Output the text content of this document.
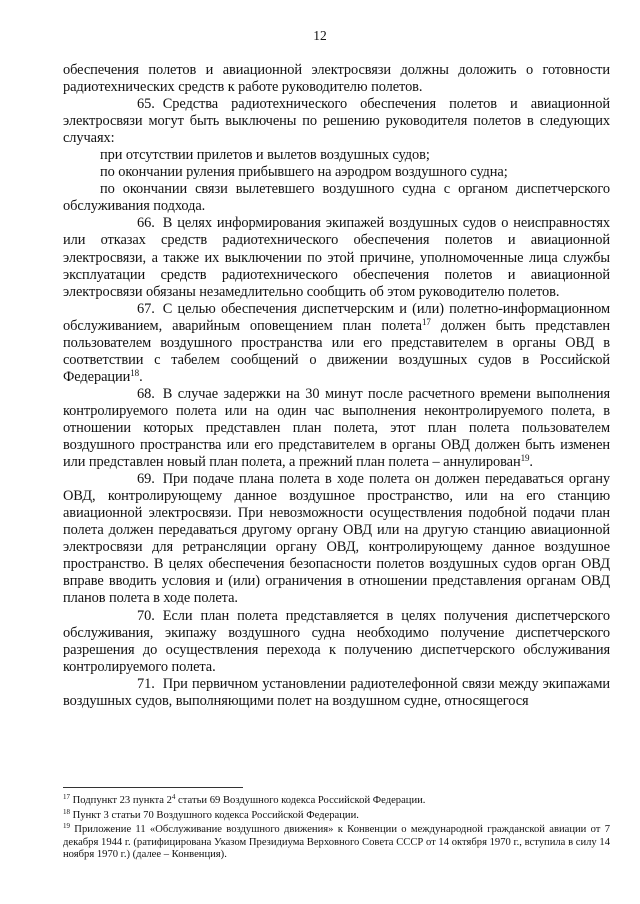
12

обеспечения полетов и авиационной электросвязи должны доложить о готовности радиотехнических средств к работе руководителю полетов.

65. Средства радиотехнического обеспечения полетов и авиационной электросвязи могут быть выключены по решению руководителя полетов в следующих случаях:

при отсутствии прилетов и вылетов воздушных судов;

по окончании руления прибывшего на аэродром воздушного судна;

по окончании связи вылетевшего воздушного судна с органом диспетчерского обслуживания подхода.

66. В целях информирования экипажей воздушных судов о неисправностях или отказах средств радиотехнического обеспечения полетов и авиационной электросвязи, а также их выключении по этой причине, уполномоченные лица службы эксплуатации средств радиотехнического обеспечения полетов и авиационной электросвязи обязаны незамедлительно сообщить об этом руководителю полетов.

67. С целью обеспечения диспетчерским и (или) полетно-информационном обслуживанием, аварийным оповещением план полета$^{17}$ должен быть представлен пользователем воздушного пространства или его представителем в органы ОВД в соответствии с табелем сообщений о движении воздушных судов в Российской Федерации$^{18}$.

68. В случае задержки на 30 минут после расчетного времени выполнения контролируемого полета или на один час выполнения неконтролируемого полета, в отношении которых представлен план полета, этот план полета пользователем воздушного пространства или его представителем в органы ОВД должен быть изменен или представлен новый план полета, а прежний план полета – аннулирован$^{19}$.

69. При подаче плана полета в ходе полета он должен передаваться органу ОВД, контролирующему данное воздушное пространство, или на его станцию авиационной электросвязи. При невозможности осуществления подобной подачи план полета должен передаваться другому органу ОВД или на другую станцию авиационной электросвязи для ретрансляции органу ОВД, контролирующему данное воздушное пространство. В целях обеспечения безопасности полетов воздушных судов орган ОВД вправе вводить условия и (или) ограничения в отношении представления органам ОВД планов полета в ходе полета.

70. Если план полета представляется в целях получения диспетчерского обслуживания, экипажу воздушного судна необходимо получение диспетчерского разрешения до осуществления перехода к получению диспетчерского обслуживания контролируемого полета.

71. При первичном установлении радиотелефонной связи между экипажами воздушных судов, выполняющими полет на воздушном судне, относящегося

$^{17}$ Подпункт 23 пункта $2^4$ статьи 69 Воздушного кодекса Российской Федерации.

$^{18}$ Пункт 3 статьи 70 Воздушного кодекса Российской Федерации.

$^{19}$ Приложение 11 «Обслуживание воздушного движения» к Конвенции о международной гражданской авиации от 7 декабря 1944 г. (ратифицирована Указом Президиума Верховного Совета СССР от 14 октября 1970 г., вступила в силу 14 ноября 1970 г.) (далее – Конвенция).
